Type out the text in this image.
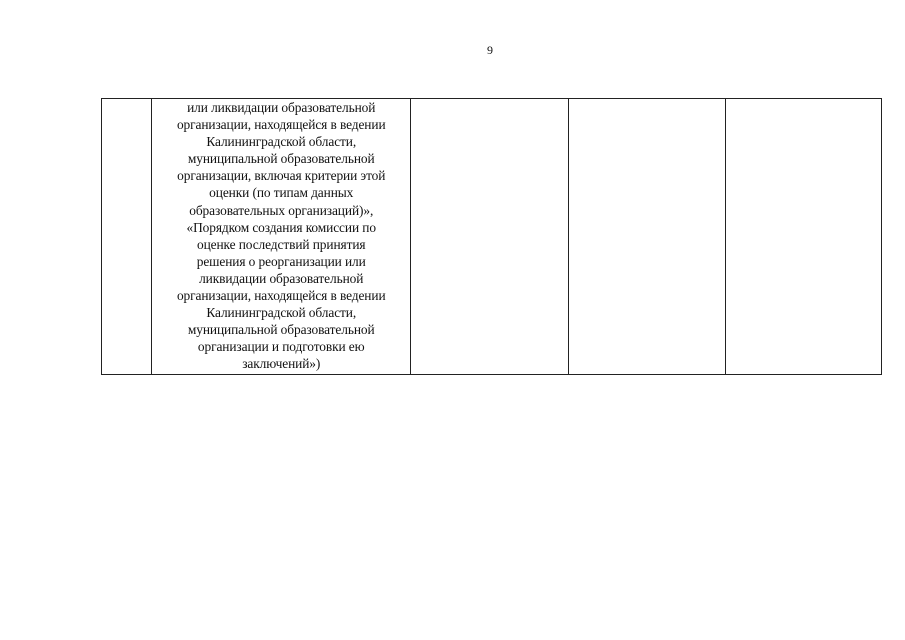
9

или ликвидации образовательной
организации, находящейся в ведении
Калининградской области,
муниципальной образовательной
организации, включая критерии этой
оценки (по типам данных
образовательных организаций)»,
«Порядком создания комиссии по
оценке последствий принятия
решения о реорганизации или
ликвидации образовательной
организации, находящейся в ведении
Калининградской области,
муниципальной образовательной
организации и подготовки ею
заключений»)
